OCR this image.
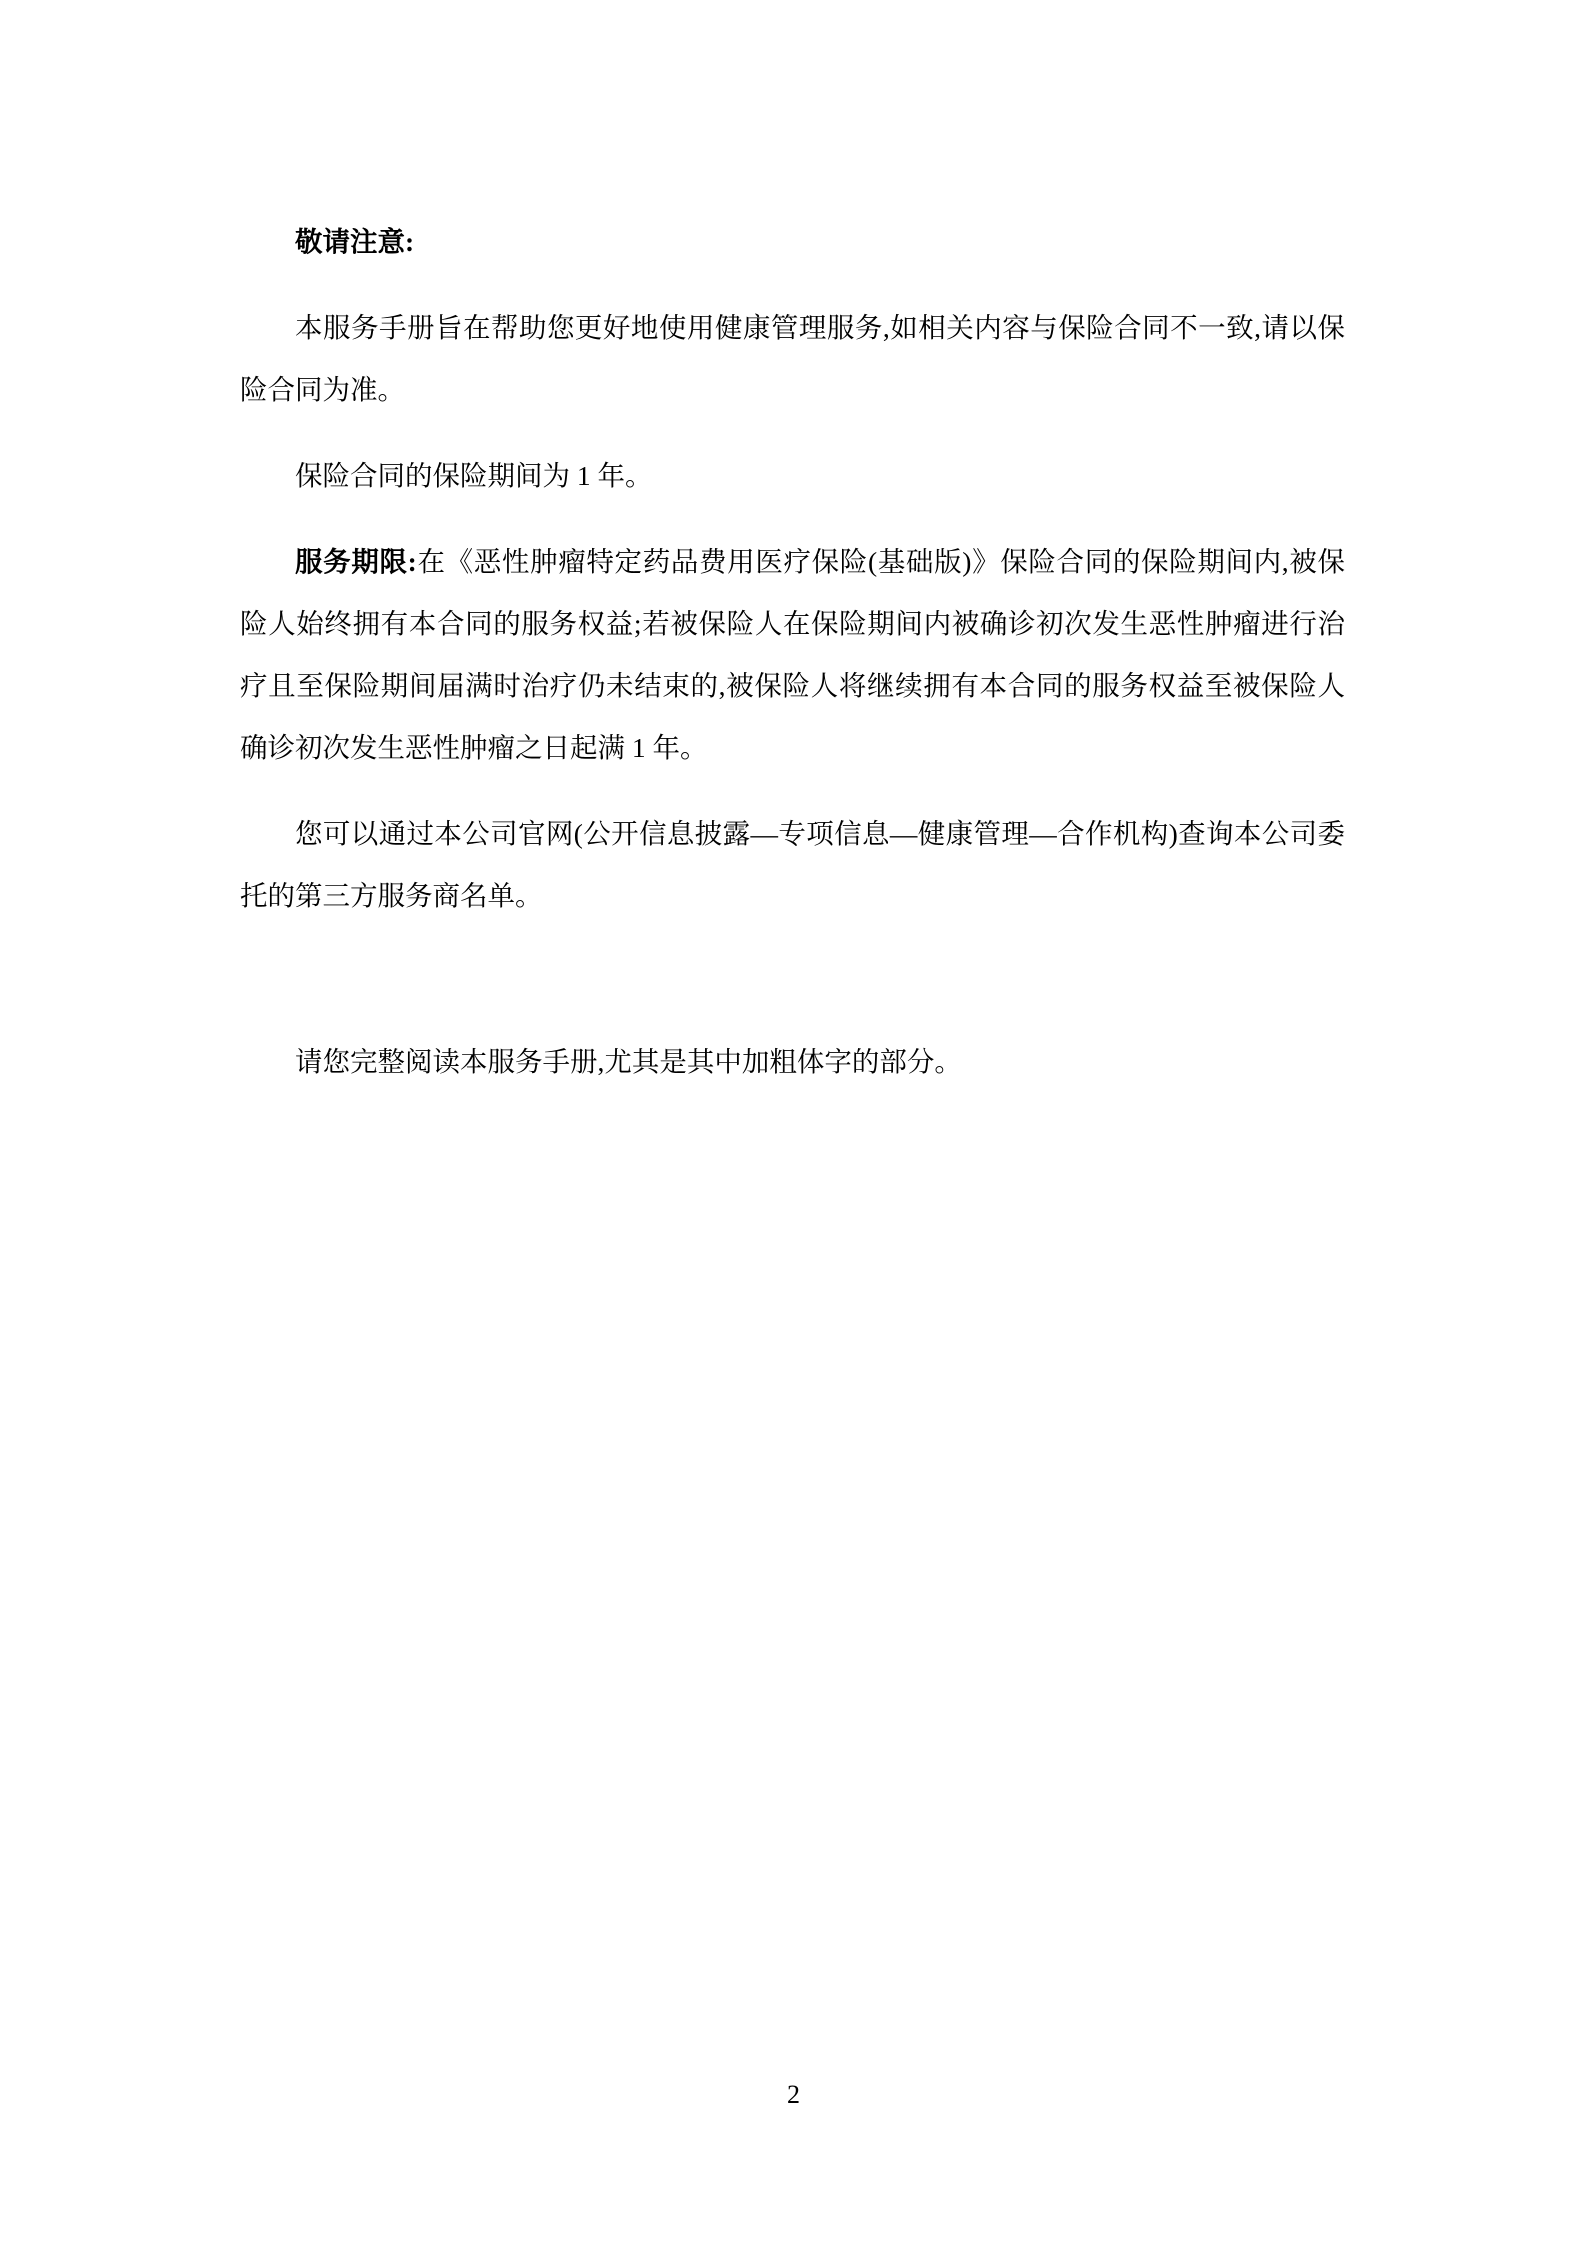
敬请注意:

本服务手册旨在帮助您更好地使用健康管理服务,如相关内容与保险合同不一致,请以保险合同为准。

保险合同的保险期间为 1 年。

服务期限:在《恶性肿瘤特定药品费用医疗保险(基础版)》保险合同的保险期间内,被保险人始终拥有本合同的服务权益;若被保险人在保险期间内被确诊初次发生恶性肿瘤进行治疗且至保险期间届满时治疗仍未结束的,被保险人将继续拥有本合同的服务权益至被保险人确诊初次发生恶性肿瘤之日起满 1 年。

您可以通过本公司官网(公开信息披露—专项信息—健康管理—合作机构)查询本公司委托的第三方服务商名单。

请您完整阅读本服务手册,尤其是其中加粗体字的部分。

2
